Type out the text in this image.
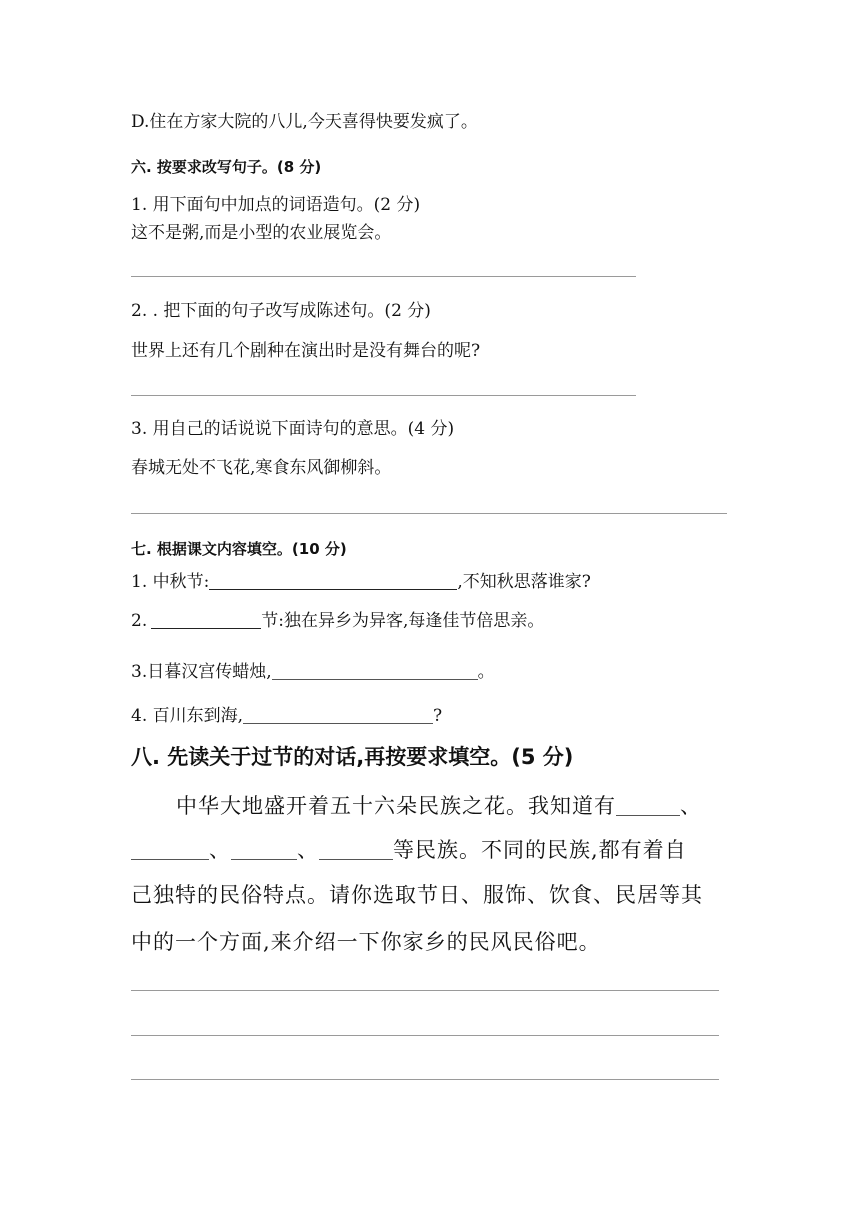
D.住在方家大院的八儿,今天喜得快要发疯了。
六. 按要求改写句子。(8 分)
1. 用下面句中加点的词语造句。(2 分)
这不是粥,而是小型的农业展览会。
2. . 把下面的句子改写成陈述句。(2 分)
世界上还有几个剧种在演出时是没有舞台的呢?
3. 用自己的话说说下面诗句的意思。(4 分)
春城无处不飞花,寒食东风御柳斜。
七. 根据课文内容填空。(10 分)
1. 中秋节:	,不知秋思落谁家?
2.	节:独在异乡为异客,每逢佳节倍思亲。
3.日暮汉宫传蜡烛,	。
4. 百川东到海,	?
八. 先读关于过节的对话,再按要求填空。(5 分)
中华大地盛开着五十六朵民族之花。我知道有	、
、	、	等民族。不同的民族,都有着自
己独特的民俗特点。请你选取节日、服饰、饮食、民居等其
中的一个方面,来介绍一下你家乡的民风民俗吧。
